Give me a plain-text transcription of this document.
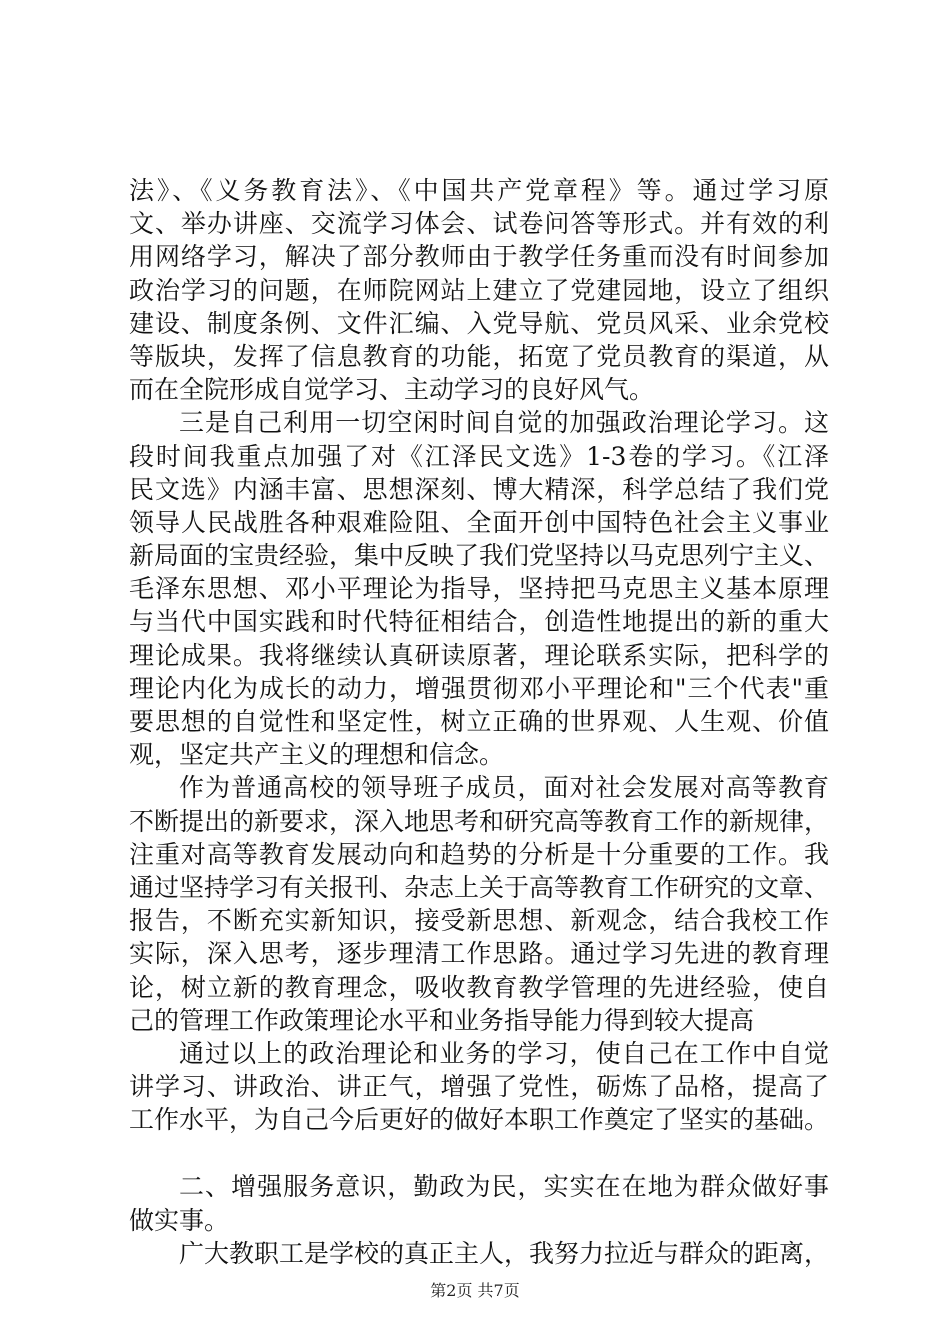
法》、《义务教育法》、《中国共产党章程》等。通过学习原
文、举办讲座、交流学习体会、试卷问答等形式。并有效的利
用网络学习，解决了部分教师由于教学任务重而没有时间参加
政治学习的问题，在师院网站上建立了党建园地，设立了组织
建设、制度条例、文件汇编、入党导航、党员风采、业余党校
等版块，发挥了信息教育的功能，拓宽了党员教育的渠道，从
而在全院形成自觉学习、主动学习的良好风气。
三是自己利用一切空闲时间自觉的加强政治理论学习。这
段时间我重点加强了对《江泽民文选》1-3卷的学习。《江泽
民文选》内涵丰富、思想深刻、博大精深，科学总结了我们党
领导人民战胜各种艰难险阻、全面开创中国特色社会主义事业
新局面的宝贵经验，集中反映了我们党坚持以马克思列宁主义、
毛泽东思想、邓小平理论为指导，坚持把马克思主义基本原理
与当代中国实践和时代特征相结合，创造性地提出的新的重大
理论成果。我将继续认真研读原著，理论联系实际，把科学的
理论内化为成长的动力，增强贯彻邓小平理论和"三个代表"重
要思想的自觉性和坚定性，树立正确的世界观、人生观、价值
观，坚定共产主义的理想和信念。
作为普通高校的领导班子成员，面对社会发展对高等教育
不断提出的新要求，深入地思考和研究高等教育工作的新规律，
注重对高等教育发展动向和趋势的分析是十分重要的工作。我
通过坚持学习有关报刊、杂志上关于高等教育工作研究的文章、
报告，不断充实新知识，接受新思想、新观念，结合我校工作
实际，深入思考，逐步理清工作思路。通过学习先进的教育理
论，树立新的教育理念，吸收教育教学管理的先进经验，使自
己的管理工作政策理论水平和业务指导能力得到较大提高
通过以上的政治理论和业务的学习，使自己在工作中自觉
讲学习、讲政治、讲正气，增强了党性，砺炼了品格，提高了
工作水平，为自己今后更好的做好本职工作奠定了坚实的基础。
二、增强服务意识，勤政为民，实实在在地为群众做好事
做实事。
广大教职工是学校的真正主人，我努力拉近与群众的距离，
第2页 共7页
